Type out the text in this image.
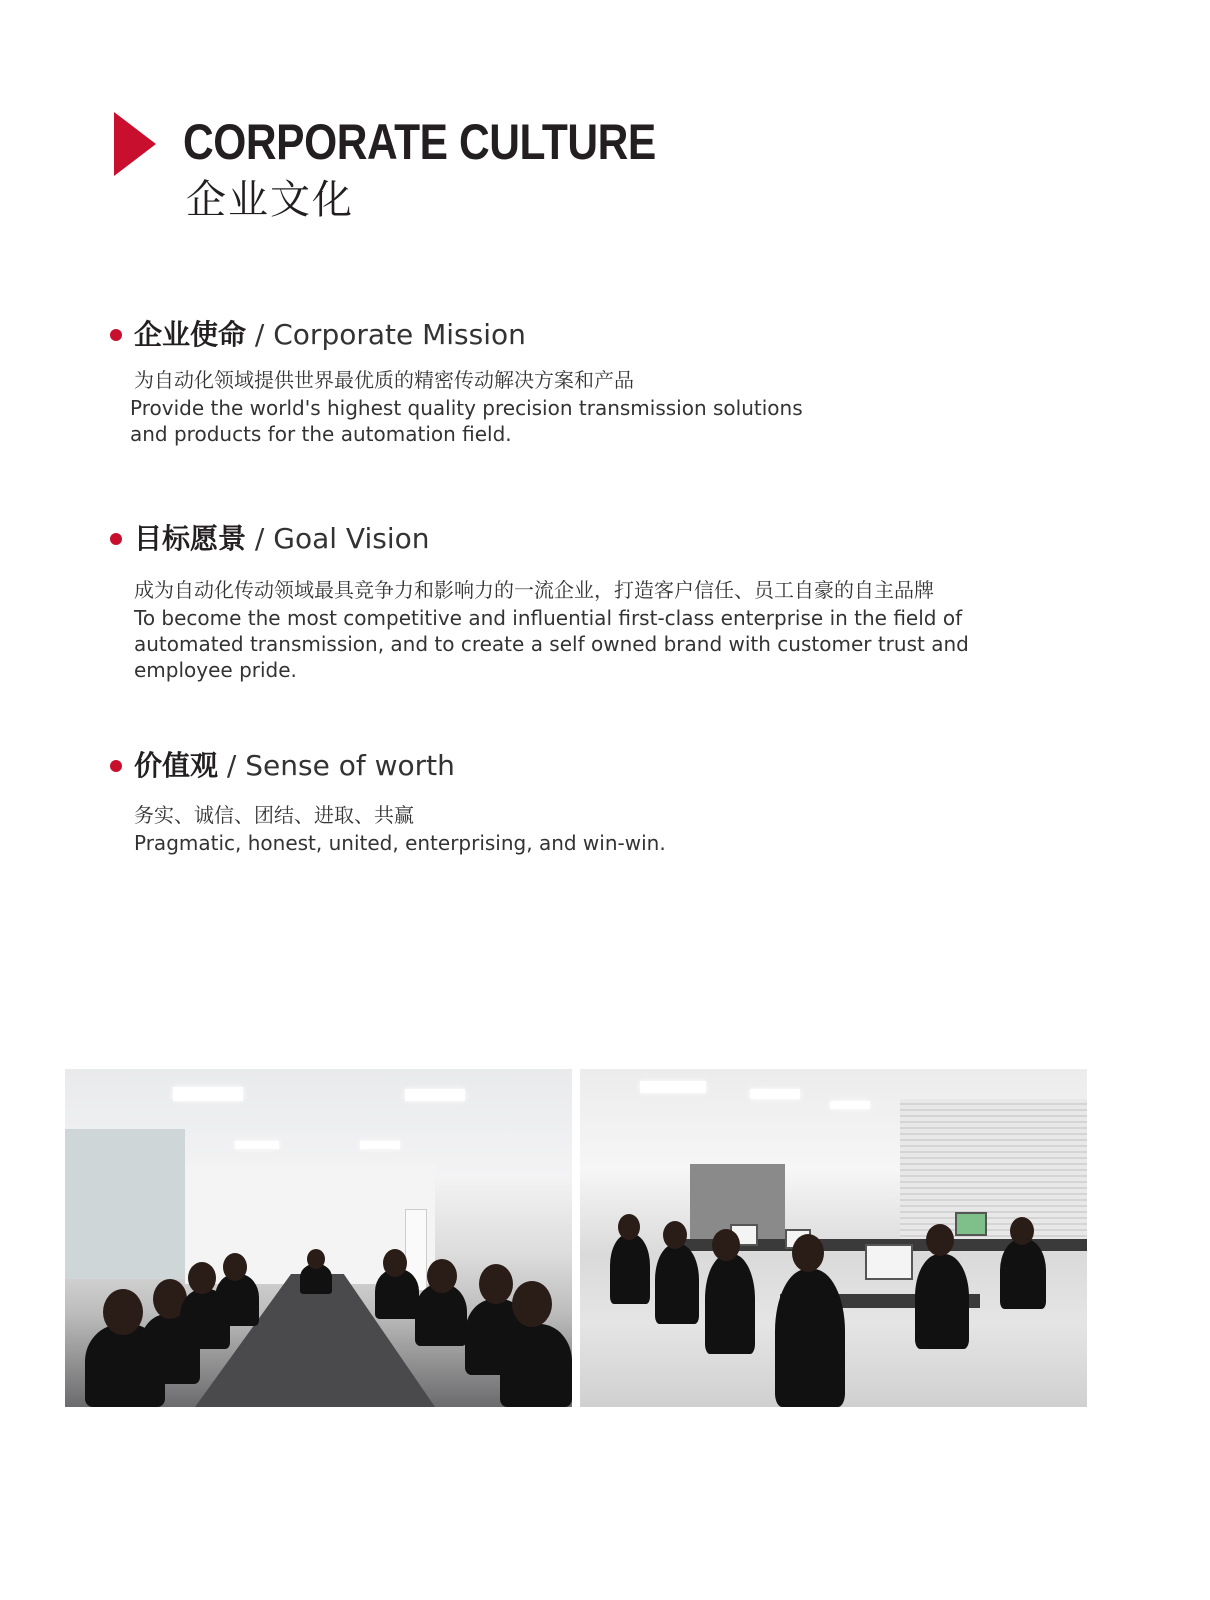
CORPORATE CULTURE
企业文化
企业使命 / Corporate Mission
为自动化领域提供世界最优质的精密传动解决方案和产品
Provide the world's highest quality precision transmission solutions and products for the automation field.
目标愿景 / Goal Vision
成为自动化传动领域最具竞争力和影响力的一流企业，打造客户信任、员工自豪的自主品牌
To become the most competitive and influential first-class enterprise in the field of automated transmission, and to create a self owned brand with customer trust and employee pride.
价值观 / Sense of worth
务实、诚信、团结、进取、共赢
Pragmatic, honest, united, enterprising, and win-win.
